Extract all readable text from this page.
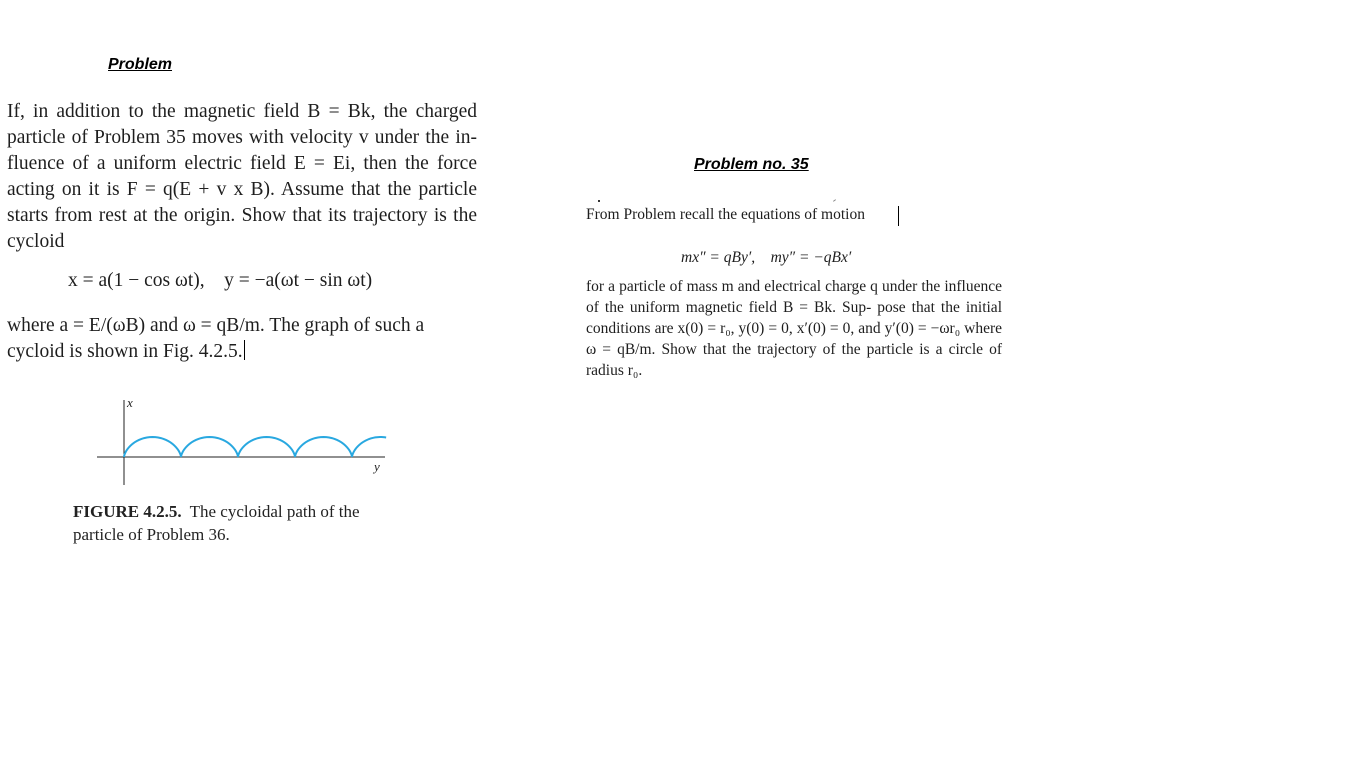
Problem

If, in addition to the magnetic field B = Bk, the charged particle of Problem 35 moves with velocity v under the in- fluence of a uniform electric field E = Ei, then the force acting on it is F = q(E + v x B). Assume that the particle starts from rest at the origin. Show that its trajectory is the cycloid

x = a(1 − cos ωt),    y = −a(ωt − sin ωt)
where a = E/(ωB) and ω = qB/m. The graph of such a cycloid is shown in Fig. 4.2.5.
x
y
FIGURE 4.2.5. The cycloidal path of the particle of Problem 36.
Problem no. 35
From Problem recall the equations of motion
mx″ = qBy′,    my″ = −qBx′
for a particle of mass m and electrical charge q under the influence of the uniform magnetic field B = Bk. Sup- pose that the initial conditions are x(0) = r₀, y(0) = 0, x′(0) = 0, and y′(0) = −ωr₀ where ω = qB/m. Show that the trajectory of the particle is a circle of radius r₀.
